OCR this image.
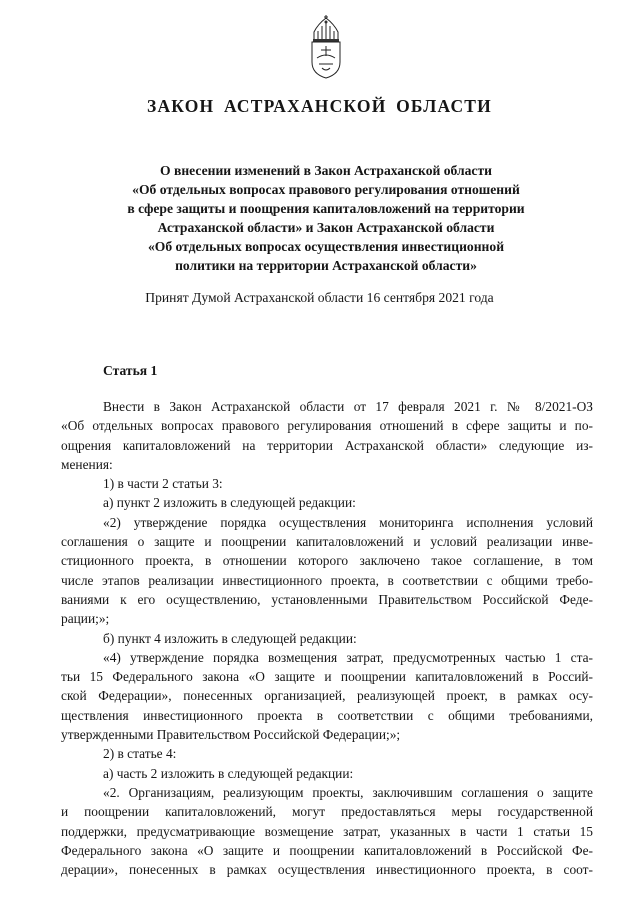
ЗАКОН АСТРАХАНСКОЙ ОБЛАСТИ
О внесении изменений в Закон Астраханской области
«Об отдельных вопросах правового регулирования отношений
в сфере защиты и поощрения капиталовложений на территории
Астраханской области» и Закон Астраханской области
«Об отдельных вопросах осуществления инвестиционной
политики на территории Астраханской области»
Принят Думой Астраханской области 16 сентября 2021 года
Статья 1
Внести в Закон Астраханской области от 17 февраля 2021 г. № 8/2021-ОЗ
«Об отдельных вопросах правового регулирования отношений в сфере защиты и по-
ощрения капиталовложений на территории Астраханской области» следующие из-
менения:
1) в части 2 статьи 3:
а) пункт 2 изложить в следующей редакции:
«2) утверждение порядка осуществления мониторинга исполнения условий
соглашения о защите и поощрении капиталовложений и условий реализации инве-
стиционного проекта, в отношении которого заключено такое соглашение, в том
числе этапов реализации инвестиционного проекта, в соответствии с общими требо-
ваниями к его осуществлению, установленными Правительством Российской Феде-
рации;»;
б) пункт 4 изложить в следующей редакции:
«4) утверждение порядка возмещения затрат, предусмотренных частью 1 ста-
тьи 15 Федерального закона «О защите и поощрении капиталовложений в Россий-
ской Федерации», понесенных организацией, реализующей проект, в рамках осу-
ществления инвестиционного проекта в соответствии с общими требованиями,
утвержденными Правительством Российской Федерации;»;
2) в статье 4:
а) часть 2 изложить в следующей редакции:
«2. Организациям, реализующим проекты, заключившим соглашения о защите
и поощрении капиталовложений, могут предоставляться меры государственной
поддержки, предусматривающие возмещение затрат, указанных в части 1 статьи 15
Федерального закона «О защите и поощрении капиталовложений в Российской Фе-
дерации», понесенных в рамках осуществления инвестиционного проекта, в соот-
